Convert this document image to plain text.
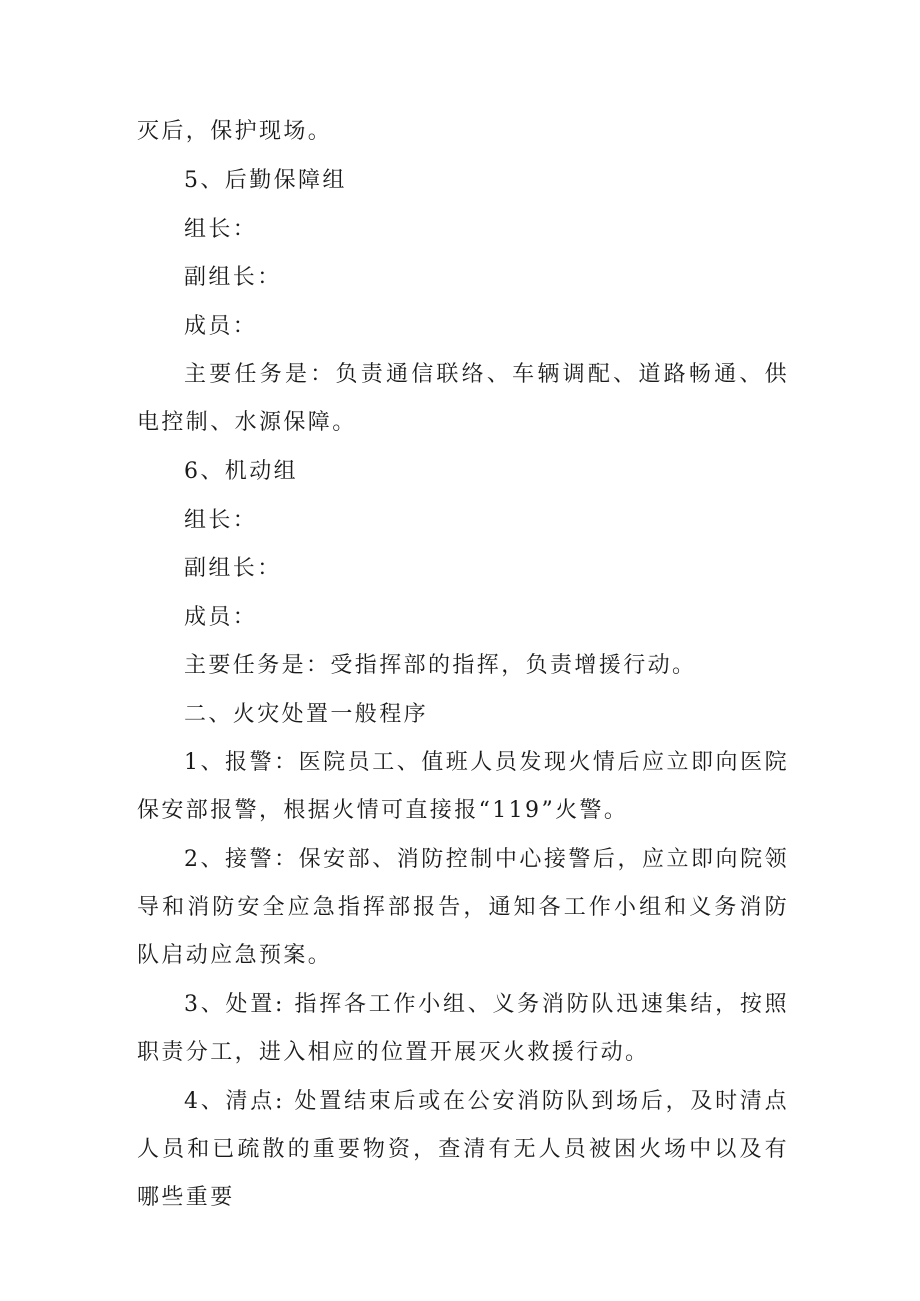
灭后，保护现场。

5、后勤保障组

组长：

副组长：

成员：

主要任务是：负责通信联络、车辆调配、道路畅通、供电控制、水源保障。

6、机动组

组长：

副组长：

成员：

主要任务是：受指挥部的指挥，负责增援行动。

二、火灾处置一般程序

1、报警：医院员工、值班人员发现火情后应立即向医院保安部报警，根据火情可直接报“119”火警。

2、接警：保安部、消防控制中心接警后，应立即向院领导和消防安全应急指挥部报告，通知各工作小组和义务消防队启动应急预案。

3、处置: 指挥各工作小组、义务消防队迅速集结，按照职责分工，进入相应的位置开展灭火救援行动。

4、清点: 处置结束后或在公安消防队到场后，及时清点人员和已疏散的重要物资，查清有无人员被困火场中以及有哪些重要
